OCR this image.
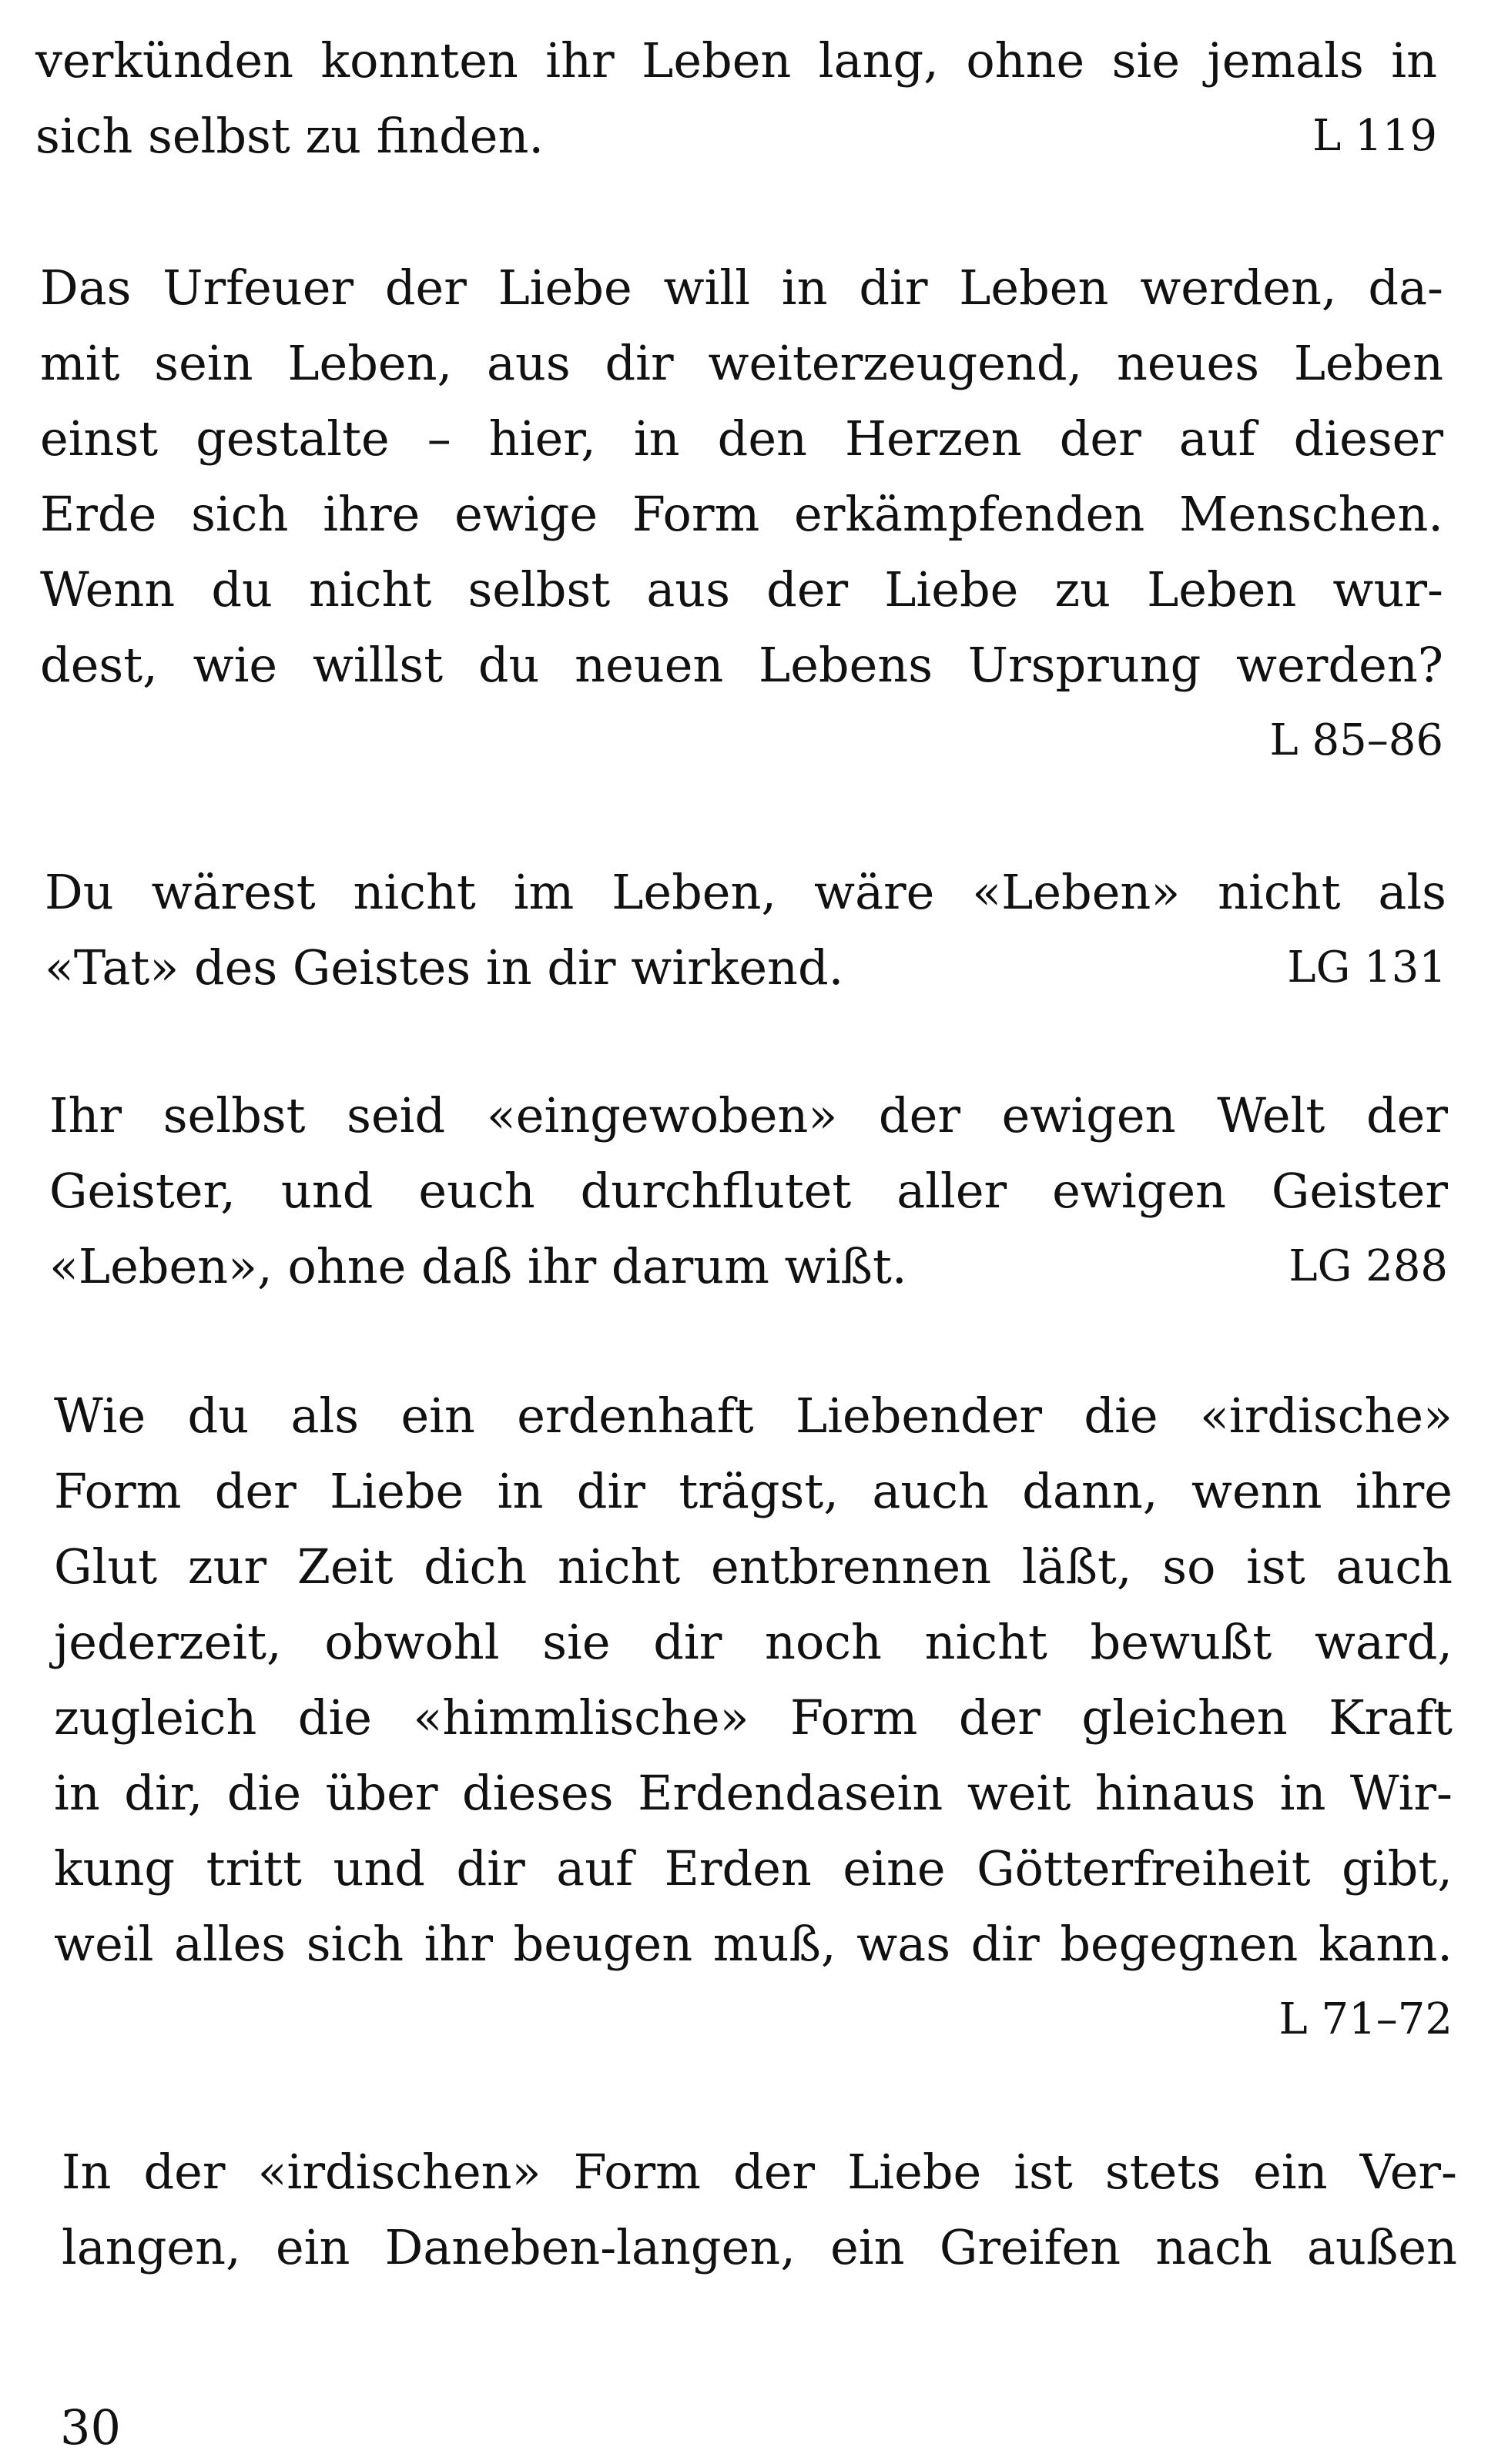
verkünden konnten ihr Leben lang, ohne sie jemals in
sich selbst zu finden.	L 119
Das Urfeuer der Liebe will in dir Leben werden, da-
mit sein Leben, aus dir weiterzeugend, neues Leben
einst gestalte – hier, in den Herzen der auf dieser
Erde sich ihre ewige Form erkämpfenden Menschen.
Wenn du nicht selbst aus der Liebe zu Leben wur-
dest, wie willst du neuen Lebens Ursprung werden?
L 85–86
Du wärest nicht im Leben, wäre «Leben» nicht als
«Tat» des Geistes in dir wirkend.	LG 131
Ihr selbst seid «eingewoben» der ewigen Welt der
Geister, und euch durchflutet aller ewigen Geister
«Leben», ohne daß ihr darum wißt.	LG 288
Wie du als ein erdenhaft Liebender die «irdische»
Form der Liebe in dir trägst, auch dann, wenn ihre
Glut zur Zeit dich nicht entbrennen läßt, so ist auch
jederzeit, obwohl sie dir noch nicht bewußt ward,
zugleich die «himmlische» Form der gleichen Kraft
in dir, die über dieses Erdendasein weit hinaus in Wir-
kung tritt und dir auf Erden eine Götterfreiheit gibt,
weil alles sich ihr beugen muß, was dir begegnen kann.
L 71–72
In der «irdischen» Form der Liebe ist stets ein Ver-
langen, ein Daneben-langen, ein Greifen nach außen
30
